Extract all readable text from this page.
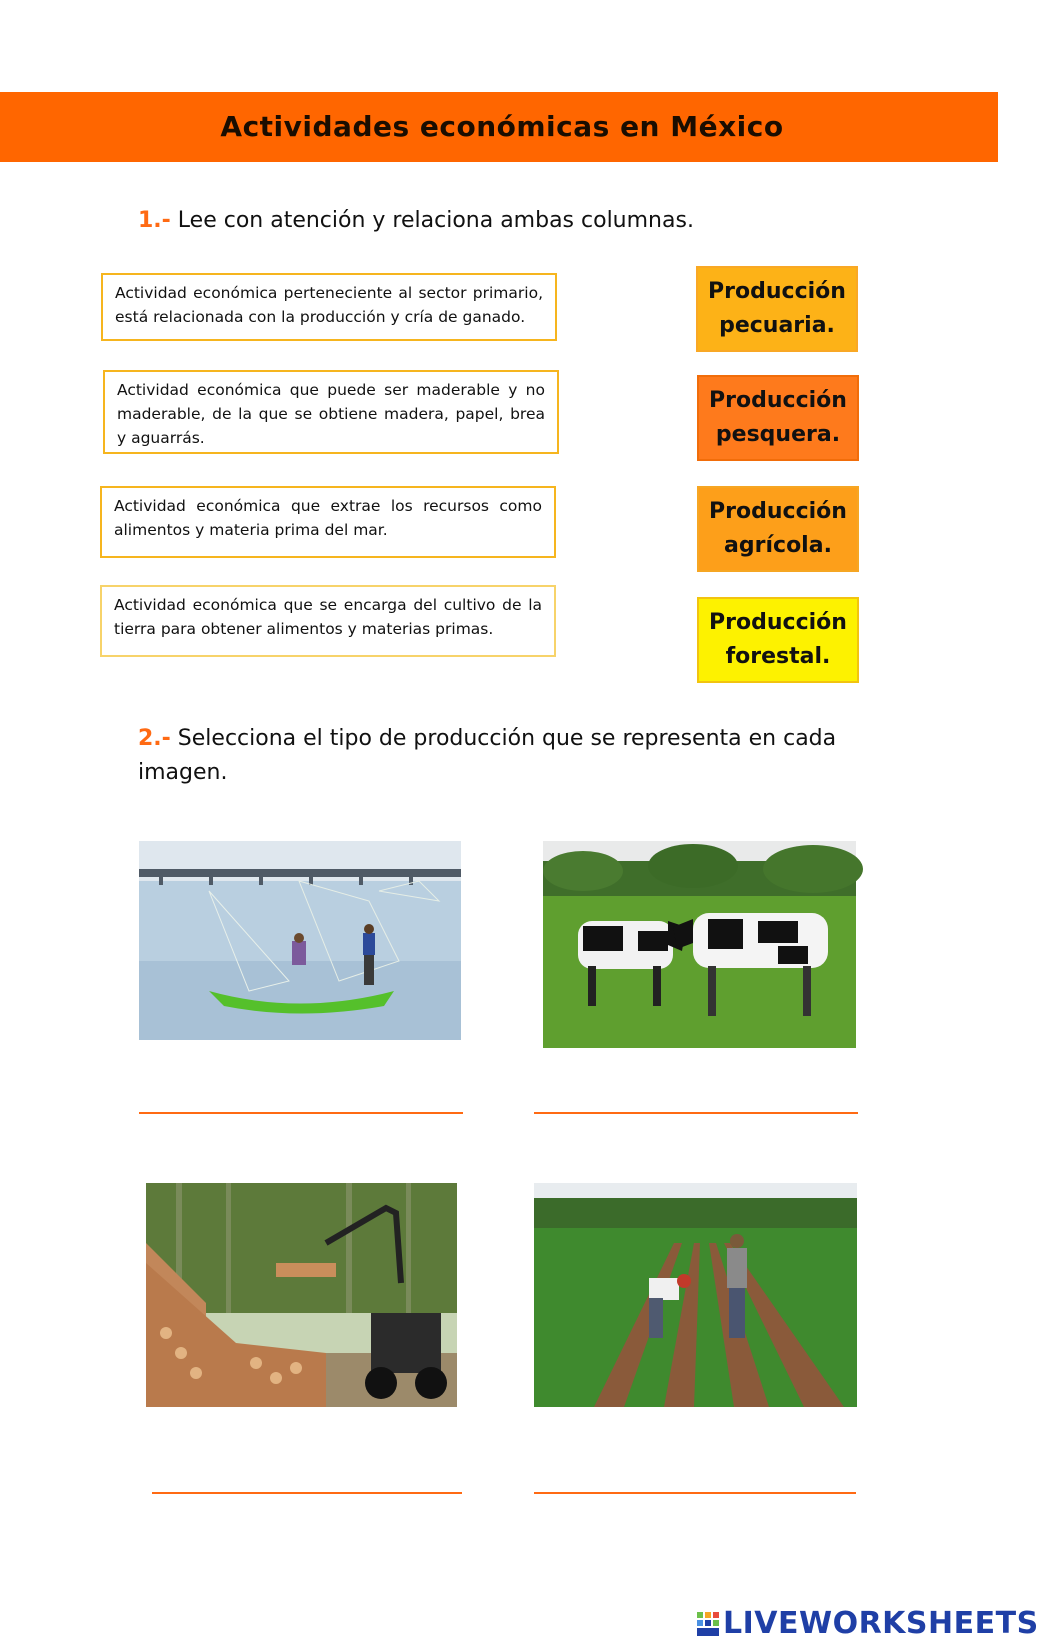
Actividades económicas en México
1.- Lee con atención y relaciona ambas columnas.
Actividad económica perteneciente al sector primario, está relacionada con la producción y cría de ganado.
Actividad económica que puede ser maderable y no maderable, de la que se obtiene madera, papel, brea y aguarrás.
Actividad económica que extrae los recursos como alimentos y materia prima del mar.
Actividad económica que se encarga del cultivo de la tierra para obtener alimentos y materias primas.
Producción
pecuaria.
Producción
pesquera.
Producción
agrícola.
Producción
forestal.
2.- Selecciona el tipo de producción que se representa en cada
imagen.
LIVEWORKSHEETS
